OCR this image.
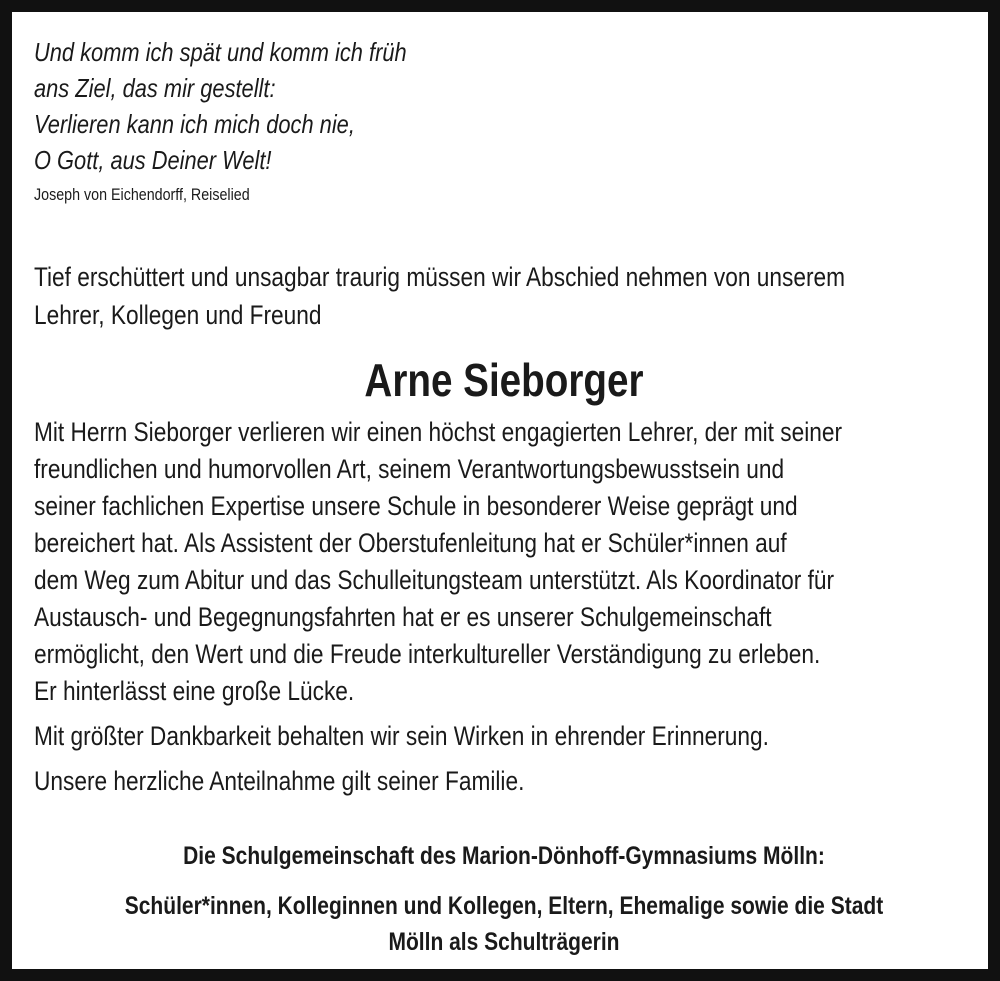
Und komm ich spät und komm ich früh

ans Ziel, das mir gestellt:

Verlieren kann ich mich doch nie,

O Gott, aus Deiner Welt!

Joseph von Eichendorff, Reiselied

Tief erschüttert und unsagbar traurig müssen wir Abschied nehmen von unserem
Lehrer, Kollegen und Freund

Arne Sieborger

Mit Herrn Sieborger verlieren wir einen höchst engagierten Lehrer, der mit seiner
freundlichen und humorvollen Art, seinem Verantwortungsbewusstsein und
seiner fachlichen Expertise unsere Schule in besonderer Weise geprägt und
bereichert hat. Als Assistent der Oberstufenleitung hat er Schüler*innen auf
dem Weg zum Abitur und das Schulleitungsteam unterstützt. Als Koordinator für
Austausch- und Begegnungsfahrten hat er es unserer Schulgemeinschaft
ermöglicht, den Wert und die Freude interkultureller Verständigung zu erleben.
Er hinterlässt eine große Lücke.

Mit größter Dankbarkeit behalten wir sein Wirken in ehrender Erinnerung.

Unsere herzliche Anteilnahme gilt seiner Familie.

Die Schulgemeinschaft des Marion-Dönhoff-Gymnasiums Mölln:
Schüler*innen, Kolleginnen und Kollegen, Eltern, Ehemalige sowie die Stadt
Mölln als Schulträgerin
